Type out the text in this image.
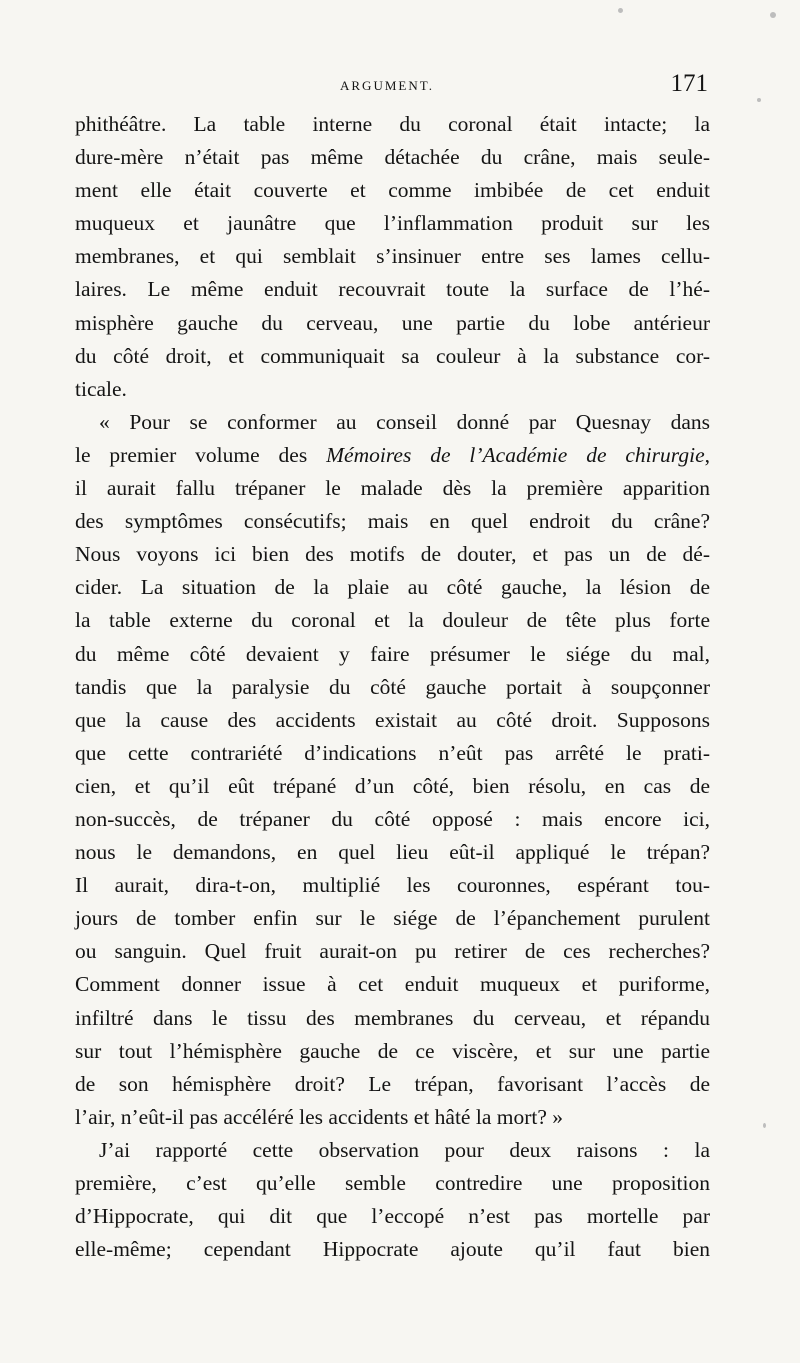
ARGUMENT.	171
phithéâtre. La table interne du coronal était intacte; la
dure-mère n’était pas même détachée du crâne, mais seule-
ment elle était couverte et comme imbibée de cet enduit
muqueux et jaunâtre que l’inflammation produit sur les
membranes, et qui semblait s’insinuer entre ses lames cellu-
laires. Le même enduit recouvrait toute la surface de l’hé-
misphère gauche du cerveau, une partie du lobe antérieur
du côté droit, et communiquait sa couleur à la substance cor-
ticale.
« Pour se conformer au conseil donné par Quesnay dans
le premier volume des Mémoires de l’Académie de chirurgie,
il aurait fallu trépaner le malade dès la première apparition
des symptômes consécutifs; mais en quel endroit du crâne?
Nous voyons ici bien des motifs de douter, et pas un de dé-
cider. La situation de la plaie au côté gauche, la lésion de
la table externe du coronal et la douleur de tête plus forte
du même côté devaient y faire présumer le siége du mal,
tandis que la paralysie du côté gauche portait à soupçonner
que la cause des accidents existait au côté droit. Supposons
que cette contrariété d’indications n’eût pas arrêté le prati-
cien, et qu’il eût trépané d’un côté, bien résolu, en cas de
non-succès, de trépaner du côté opposé : mais encore ici,
nous le demandons, en quel lieu eût-il appliqué le trépan?
Il aurait, dira-t-on, multiplié les couronnes, espérant tou-
jours de tomber enfin sur le siége de l’épanchement purulent
ou sanguin. Quel fruit aurait-on pu retirer de ces recherches?
Comment donner issue à cet enduit muqueux et puriforme,
infiltré dans le tissu des membranes du cerveau, et répandu
sur tout l’hémisphère gauche de ce viscère, et sur une partie
de son hémisphère droit? Le trépan, favorisant l’accès de
l’air, n’eût-il pas accéléré les accidents et hâté la mort? »
J’ai rapporté cette observation pour deux raisons : la
première, c’est qu’elle semble contredire une proposition
d’Hippocrate, qui dit que l’eccopé n’est pas mortelle par
elle-même; cependant Hippocrate ajoute qu’il faut bien
